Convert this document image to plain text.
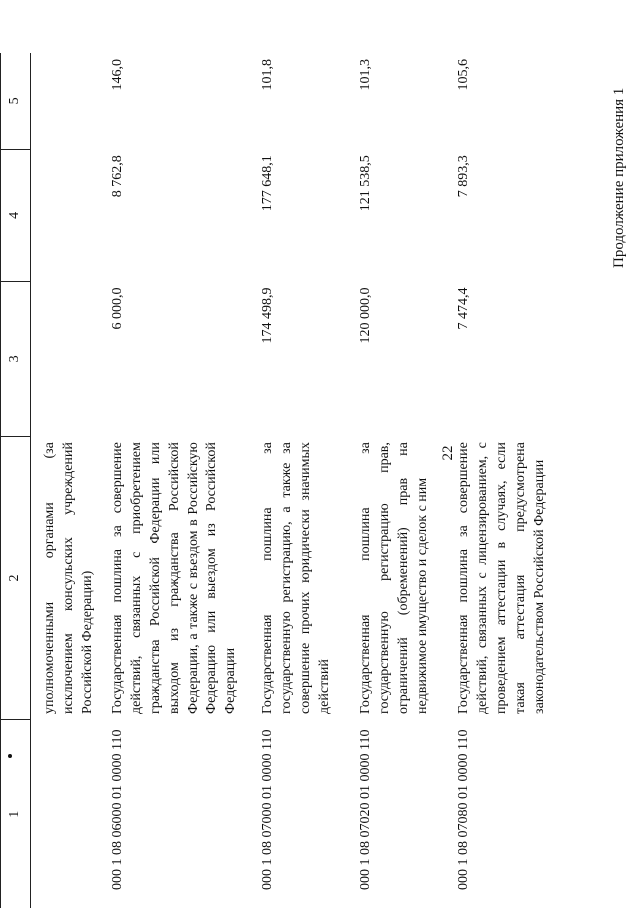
1	2	3	4	5
	уполномоченными органами (за исключением консульских учреждений Российской Федерации)			
000 1 08 06000 01 0000 110	Государственная пошлина за совершение действий, связанных с приобретением гражданства Российской Федерации или выходом из гражданства Российской Федерации, а также с въездом в Российскую Федерацию или выездом из Российской Федерации	6 000,0	8 762,8	146,0
000 1 08 07000 01 0000 110	Государственная пошлина за государственную регистрацию, а также за совершение прочих юридически значимых действий	174 498,9	177 648,1	101,8
000 1 08 07020 01 0000 110	Государственная пошлина за государственную регистрацию прав, ограничений (обременений) прав на недвижимое имущество и сделок с ним	120 000,0	121 538,5	101,3
000 1 08 07080 01 0000 110	Государственная пошлина за совершение действий, связанных с лицензированием, с проведением аттестации в случаях, если такая аттестация предусмотрена законодательством Российской Федерации	7 474,4	7 893,3	105,6
22
Продолжение приложения 1
